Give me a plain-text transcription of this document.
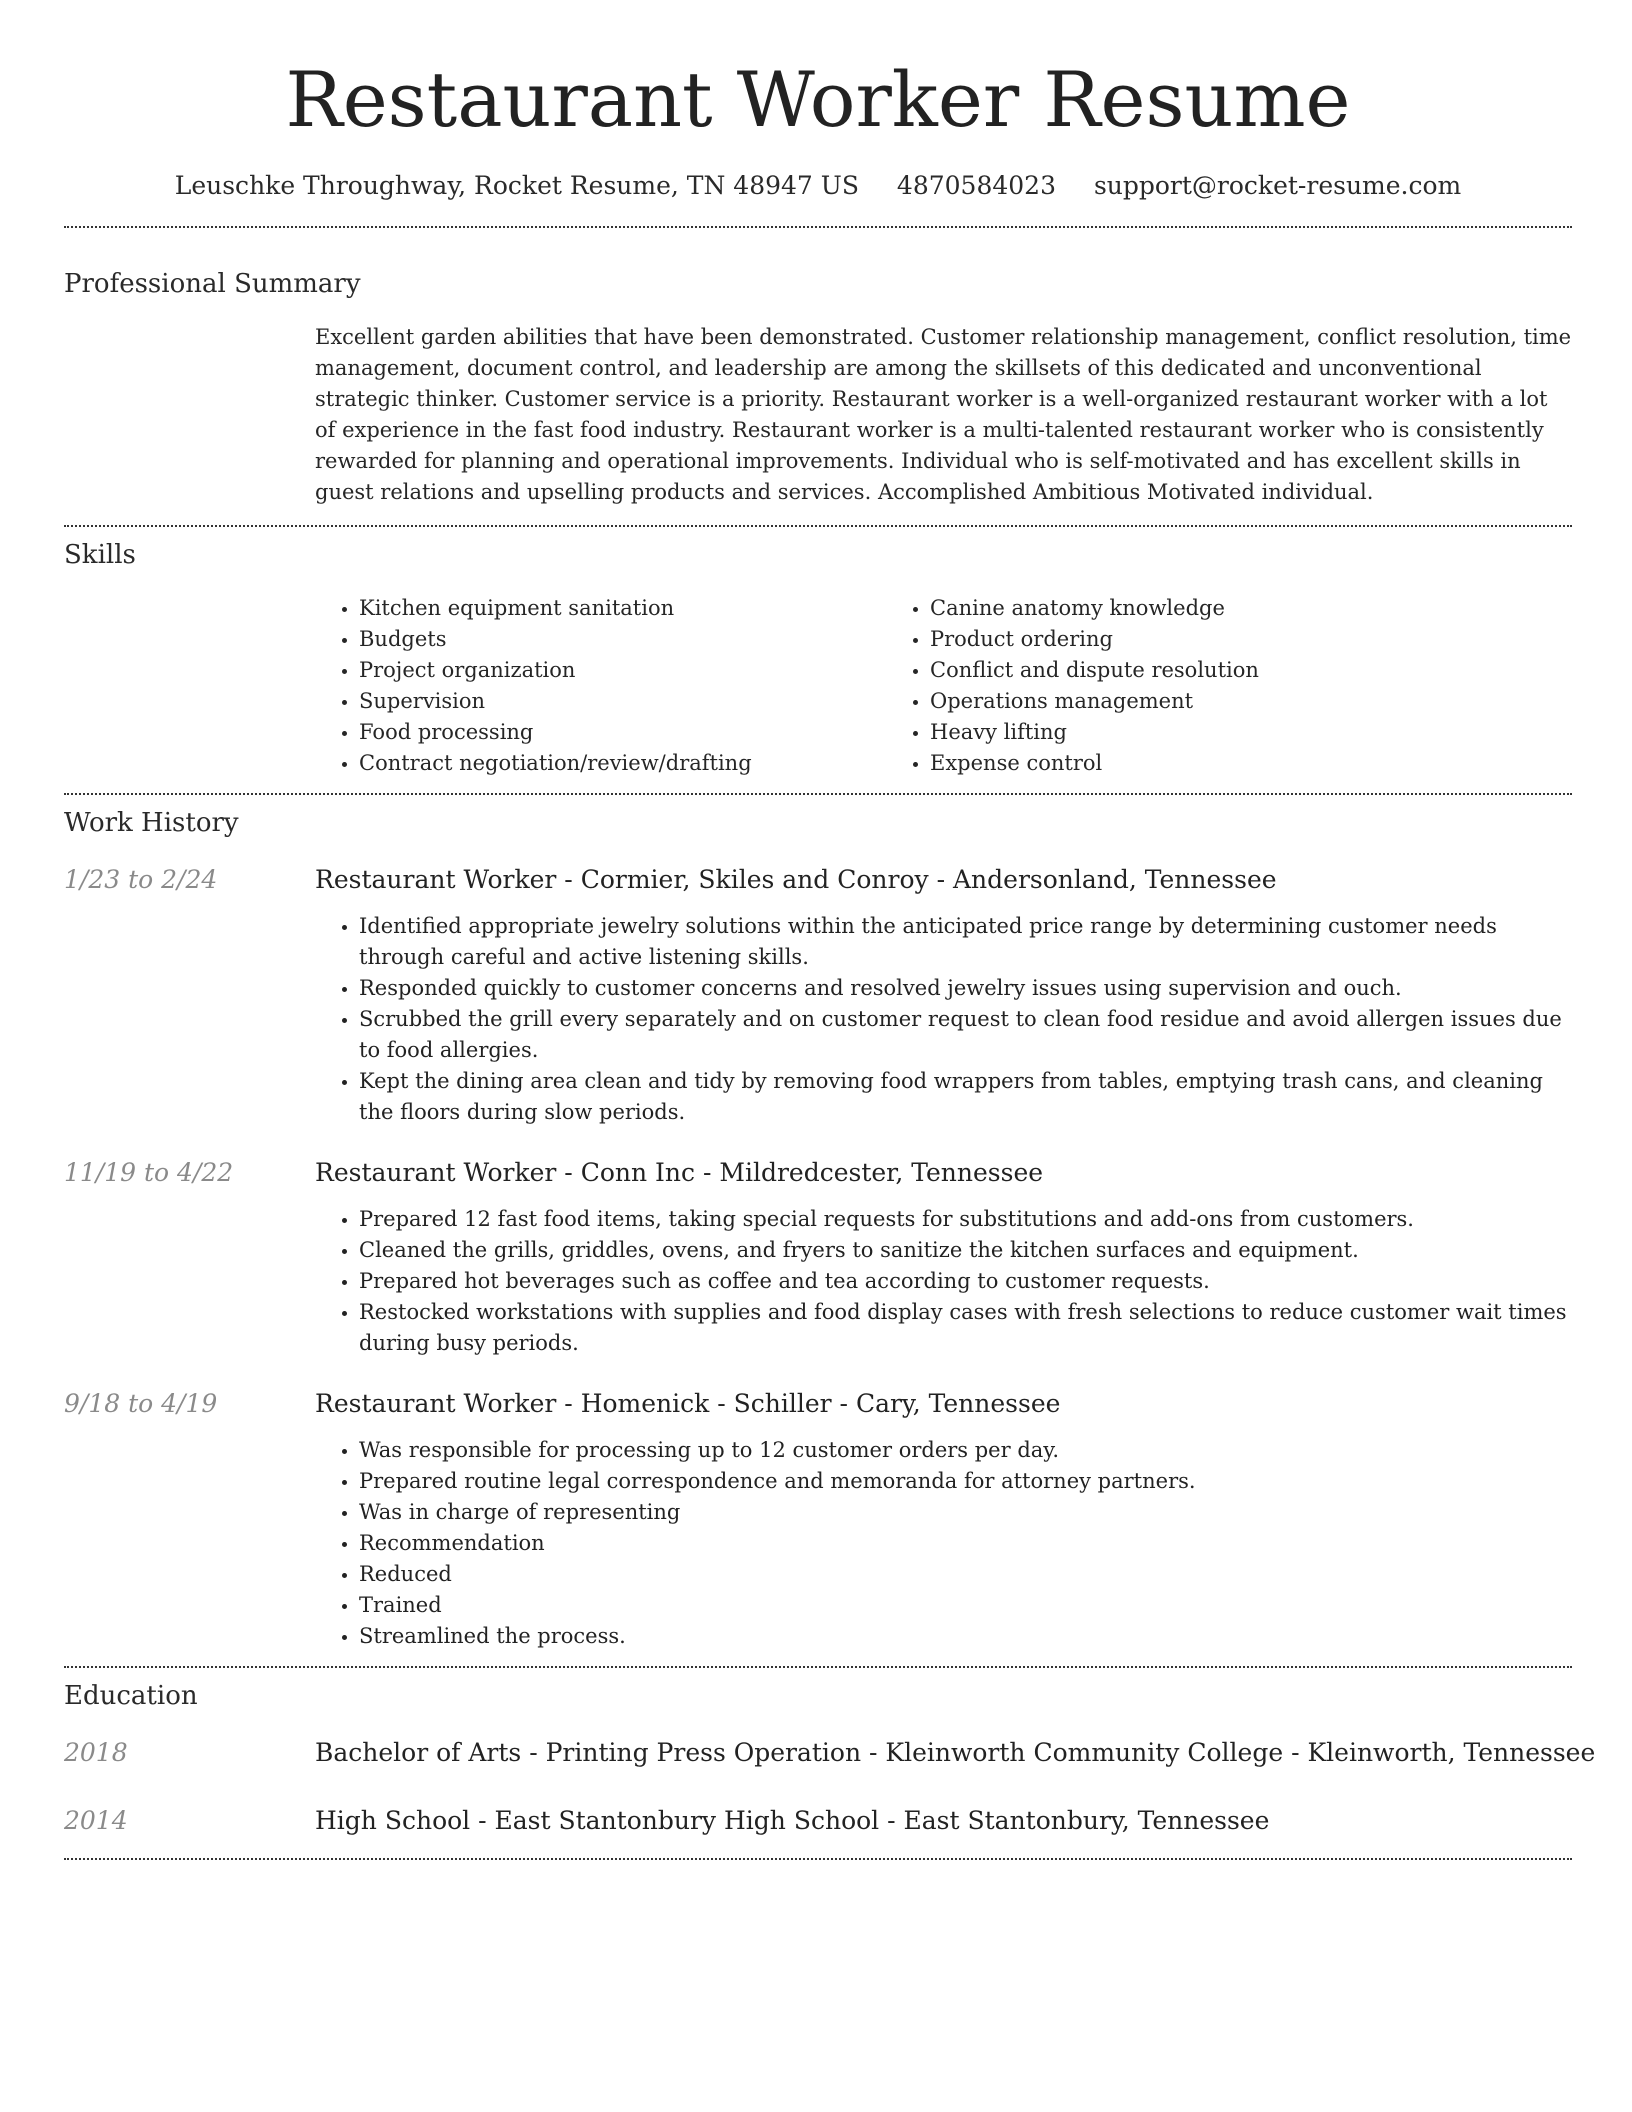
Restaurant Worker Resume
Leuschke Throughway, Rocket Resume, TN 48947 US 4870584023 support@rocket-resume.com
Professional Summary
Excellent garden abilities that have been demonstrated. Customer relationship management, conflict resolution, time management, document control, and leadership are among the skillsets of this dedicated and unconventional strategic thinker. Customer service is a priority. Restaurant worker is a well-organized restaurant worker with a lot of experience in the fast food industry. Restaurant worker is a multi-talented restaurant worker who is consistently rewarded for planning and operational improvements. Individual who is self-motivated and has excellent skills in guest relations and upselling products and services. Accomplished Ambitious Motivated individual.
Skills
• Kitchen equipment sanitation
• Budgets
• Project organization
• Supervision
• Food processing
• Contract negotiation/review/drafting
• Canine anatomy knowledge
• Product ordering
• Conflict and dispute resolution
• Operations management
• Heavy lifting
• Expense control
Work History
1/23 to 2/24	Restaurant Worker - Cormier, Skiles and Conroy - Andersonland, Tennessee
• Identified appropriate jewelry solutions within the anticipated price range by determining customer needs through careful and active listening skills.
• Responded quickly to customer concerns and resolved jewelry issues using supervision and ouch.
• Scrubbed the grill every separately and on customer request to clean food residue and avoid allergen issues due to food allergies.
• Kept the dining area clean and tidy by removing food wrappers from tables, emptying trash cans, and cleaning the floors during slow periods.
11/19 to 4/22	Restaurant Worker - Conn Inc - Mildredcester, Tennessee
• Prepared 12 fast food items, taking special requests for substitutions and add-ons from customers.
• Cleaned the grills, griddles, ovens, and fryers to sanitize the kitchen surfaces and equipment.
• Prepared hot beverages such as coffee and tea according to customer requests.
• Restocked workstations with supplies and food display cases with fresh selections to reduce customer wait times during busy periods.
9/18 to 4/19	Restaurant Worker - Homenick - Schiller - Cary, Tennessee
• Was responsible for processing up to 12 customer orders per day.
• Prepared routine legal correspondence and memoranda for attorney partners.
• Was in charge of representing
• Recommendation
• Reduced
• Trained
• Streamlined the process.
Education
2018	Bachelor of Arts - Printing Press Operation - Kleinworth Community College - Kleinworth, Tennessee
2014	High School - East Stantonbury High School - East Stantonbury, Tennessee
